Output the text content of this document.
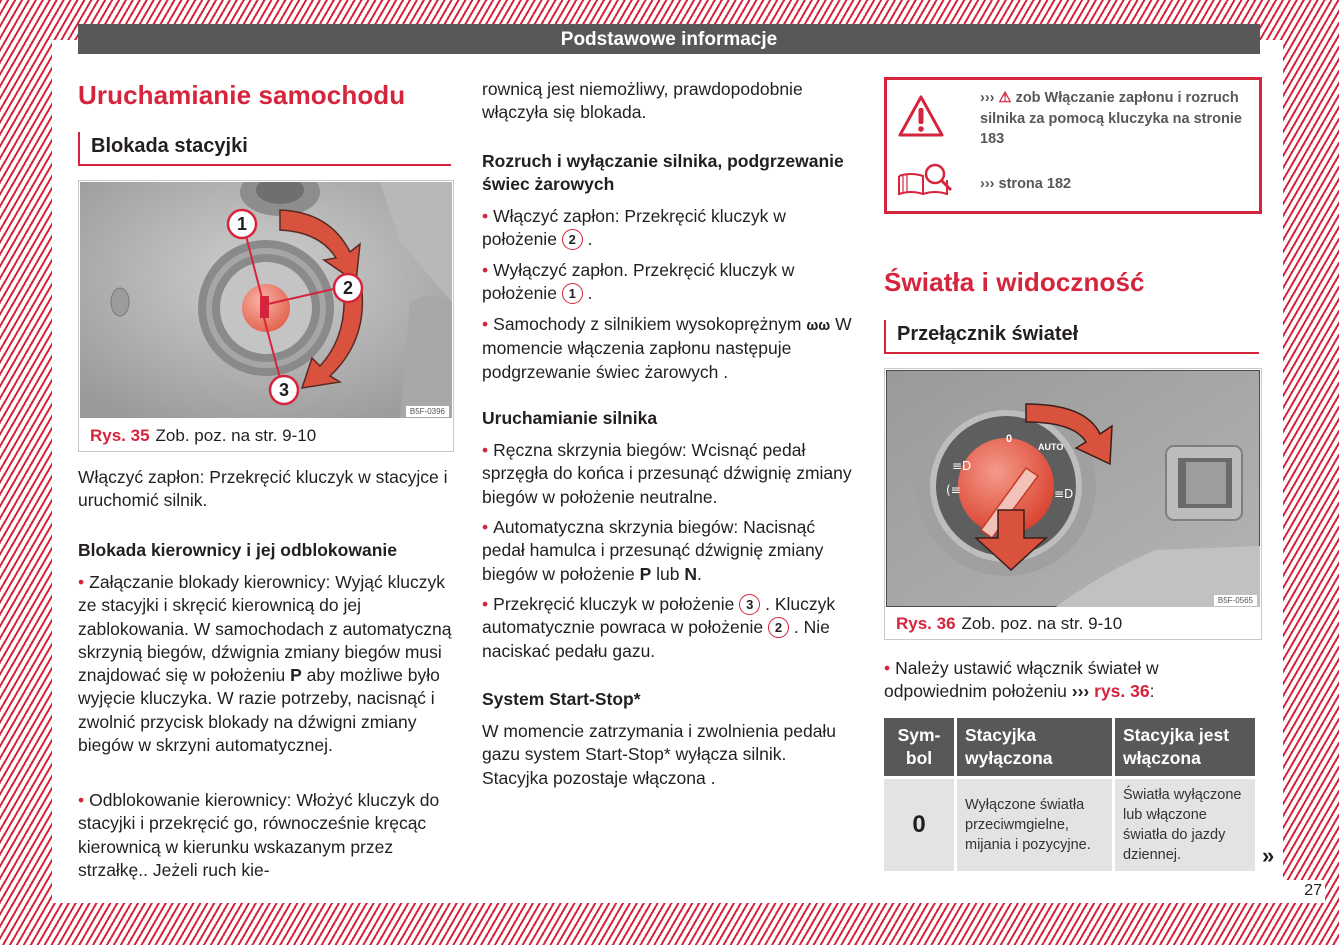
Podstawowe informacje
27
Uruchamianie samochodu
Blokada stacyjki
1
2
3
B5F-0396
Rys. 35 Zob. poz. na str. 9-10

Włączyć zapłon: Przekręcić kluczyk w stacyjce i uruchomić silnik.

Blokada kierownicy i jej odblokowanie

• Załączanie blokady kierownicy: Wyjąć kluczyk ze stacyjki i skręcić kierownicą do jej zablokowania. W samochodach z automatyczną skrzynią biegów, dźwignia zmiany biegów musi znajdować się w położeniu P aby możliwe było wyjęcie kluczyka. W razie potrzeby, nacisnąć i zwolnić przycisk blokady na dźwigni zmiany biegów w skrzyni automatycznej.

• Odblokowanie kierownicy: Włożyć kluczyk do stacyjki i przekręcić go, równocześnie kręcąc kierownicą w kierunku wskazanym przez strzałkę.. Jeżeli ruch kie-

rownicą jest niemożliwy, prawdopodobnie włączyła się blokada.

Rozruch i wyłączanie silnika, podgrzewanie świec żarowych

• Włączyć zapłon: Przekręcić kluczyk w położenie 2 .

• Wyłączyć zapłon. Przekręcić kluczyk w położenie 1 .

• Samochody z silnikiem wysokoprężnym 𝛚𝛚 W momencie włączenia zapłonu następuje podgrzewanie świec żarowych .

Uruchamianie silnika

• Ręczna skrzynia biegów: Wcisnąć pedał sprzęgła do końca i przesunąć dźwignię zmiany biegów w położenie neutralne.

• Automatyczna skrzynia biegów: Nacisnąć pedał hamulca i przesunąć dźwignię zmiany biegów w położenie P lub N.

• Przekręcić kluczyk w położenie 3 . Kluczyk automatycznie powraca w położenie 2 . Nie naciskać pedału gazu.

System Start-Stop*

W momencie zatrzymania i zwolnienia pedału gazu system Start-Stop* wyłącza silnik. Stacyjka pozostaje włączona .

››› ⚠ zob Włączanie zapłonu i rozruch silnika za pomocą kluczyka na stronie 183
››› strona 182
Światła i widoczność
Przełącznik świateł
0
AUTO
≡D
(≡	≡D
B5F-0565
Rys. 36 Zob. poz. na str. 9-10

• Należy ustawić włącznik świateł w odpowiednim położeniu ››› rys. 36:

Sym-
bol	Stacyjka wyłączona	Stacyjka jest włączona
0	Wyłączone światła przeciwmgielne, mijania i pozycyjne.	Światła wyłączone lub włączone światła do jazdy dziennej.	»
